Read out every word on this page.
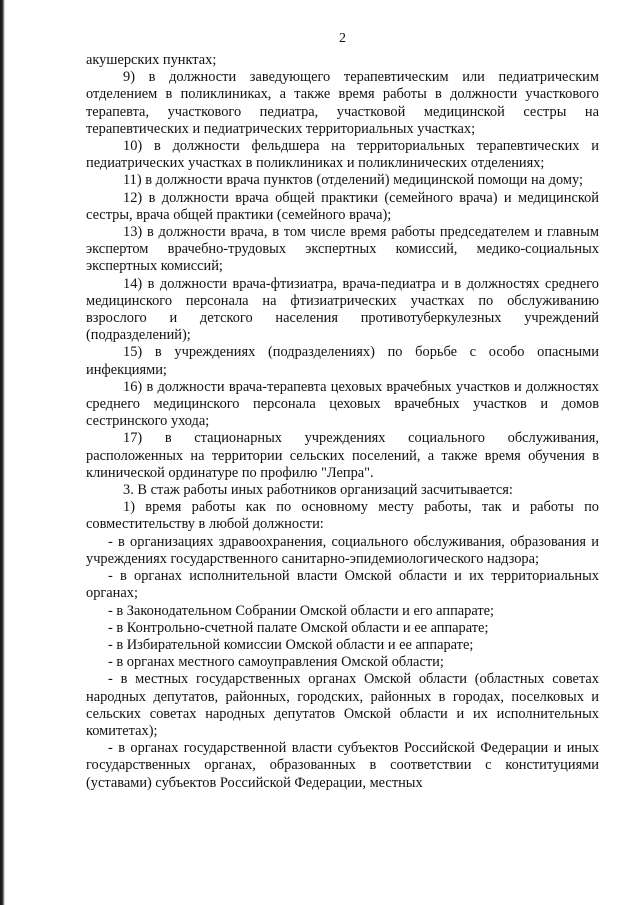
2

акушерских пунктах;

9) в должности заведующего терапевтическим или педиатрическим отделением в поликлиниках, а также время работы в должности участкового терапевта, участкового педиатра, участковой медицинской сестры на терапевтических и педиатрических территориальных участках;

10) в должности фельдшера на территориальных терапевтических и педиатрических участках в поликлиниках и поликлинических отделениях;

11) в должности врача пунктов (отделений) медицинской помощи на дому;

12) в должности врача общей практики (семейного врача) и медицинской сестры, врача общей практики (семейного врача);

13) в должности врача, в том числе время работы председателем и главным экспертом врачебно-трудовых экспертных комиссий, медико-социальных экспертных комиссий;

14) в должности врача-фтизиатра, врача-педиатра и в должностях среднего медицинского персонала на фтизиатрических участках по обслуживанию взрослого и детского населения противотуберкулезных учреждений (подразделений);

15) в учреждениях (подразделениях) по борьбе с особо опасными инфекциями;

16) в должности врача-терапевта цеховых врачебных участков и должностях среднего медицинского персонала цеховых врачебных участков и домов сестринского ухода;

17) в стационарных учреждениях социального обслуживания, расположенных на территории сельских поселений, а также время обучения в клинической ординатуре по профилю "Лепра".

3. В стаж работы иных работников организаций засчитывается:

1) время работы как по основному месту работы, так и работы по совместительству в любой должности:

- в организациях здравоохранения, социального обслуживания, образования и учреждениях государственного санитарно-эпидемиологического надзора;

- в органах исполнительной власти Омской области и их территориальных органах;

- в Законодательном Собрании Омской области и его аппарате;

- в Контрольно-счетной палате Омской области и ее аппарате;

- в Избирательной комиссии Омской области и ее аппарате;

- в органах местного самоуправления Омской области;

- в местных государственных органах Омской области (областных советах народных депутатов, районных, городских, районных в городах, поселковых и сельских советах народных депутатов Омской области и их исполнительных комитетах);

- в органах государственной власти субъектов Российской Федерации и иных государственных органах, образованных в соответствии с конституциями (уставами) субъектов Российской Федерации, местных
